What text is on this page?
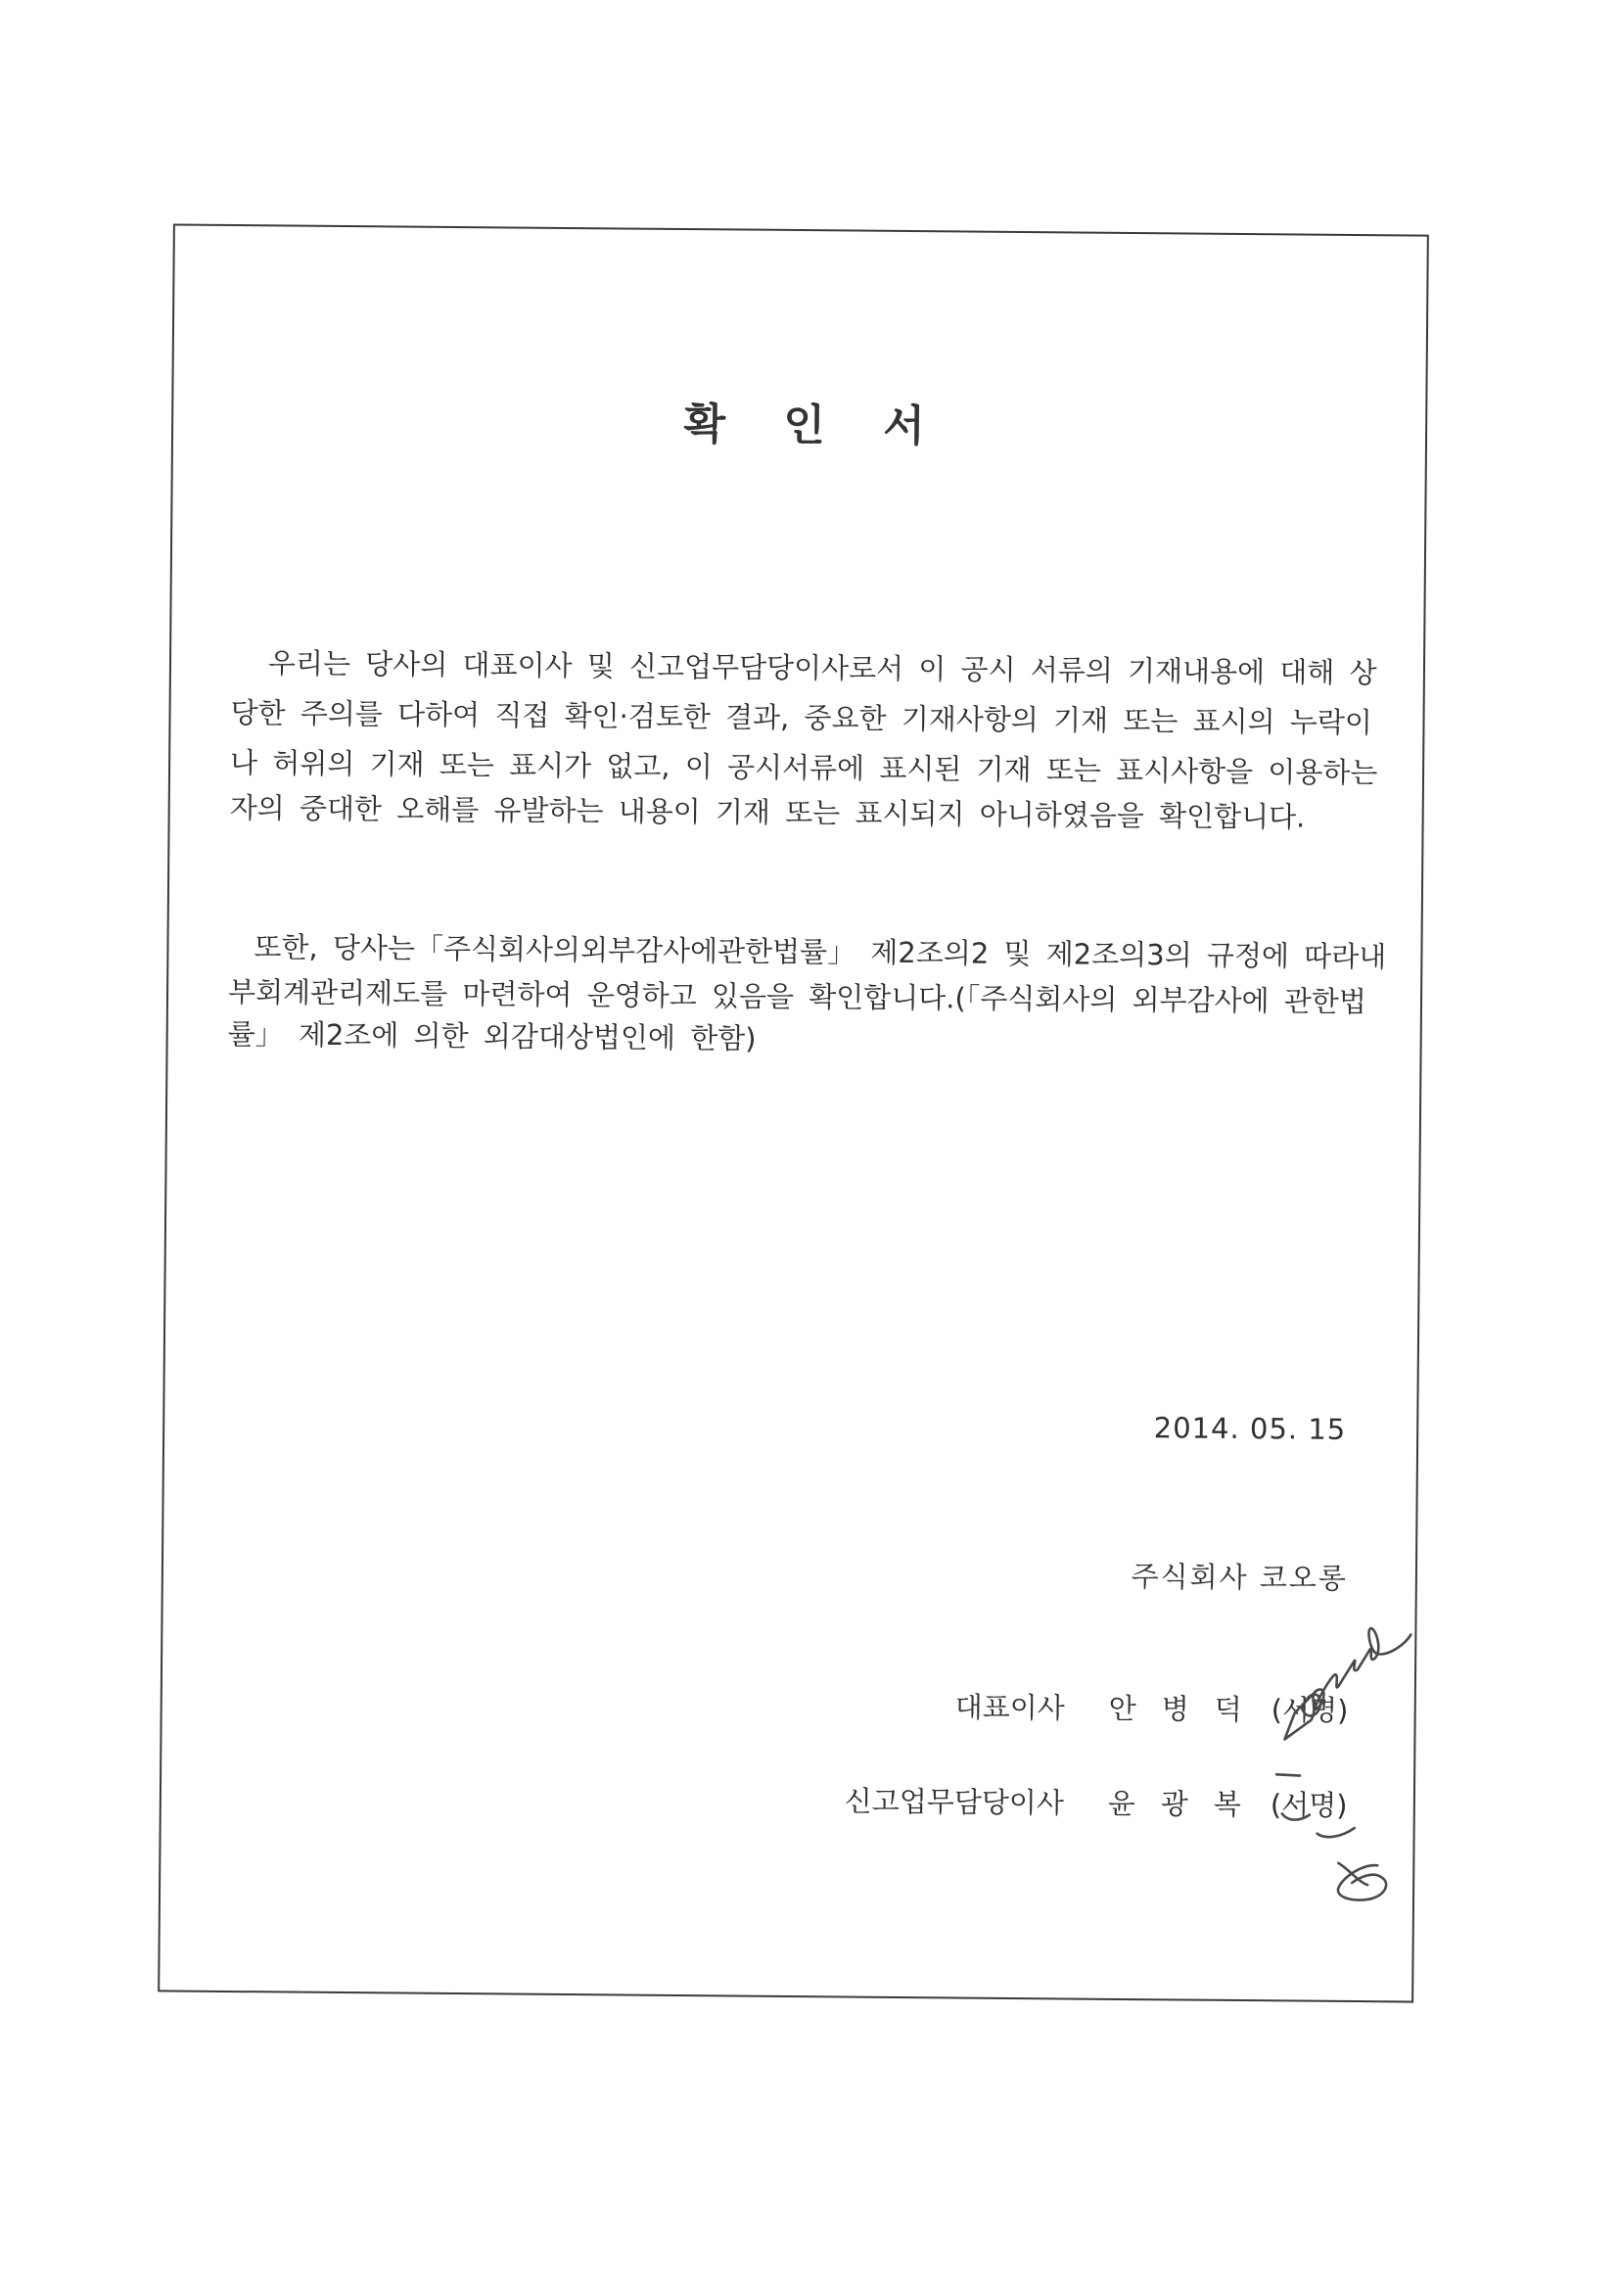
확 인 서
우리는 당사의 대표이사 및 신고업무담당이사로서 이 공시 서류의 기재내용에 대해 상
당한 주의를 다하여 직접 확인·검토한 결과, 중요한 기재사항의 기재 또는 표시의 누락이
나 허위의 기재 또는 표시가 없고, 이 공시서류에 표시된 기재 또는 표시사항을 이용하는
자의 중대한 오해를 유발하는 내용이 기재 또는 표시되지 아니하였음을 확인합니다.
또한, 당사는「주식회사의외부감사에관한법률」 제2조의2 및 제2조의3의 규정에 따라내
부회계관리제도를 마련하여 운영하고 있음을 확인합니다.(「주식회사의 외부감사에 관한법
률」 제2조에 의한 외감대상법인에 한함)
2014. 05. 15
주식회사 코오롱
대표이사 안 병 덕 (서명)
신고업무담당이사 윤 광 복 (서명)
